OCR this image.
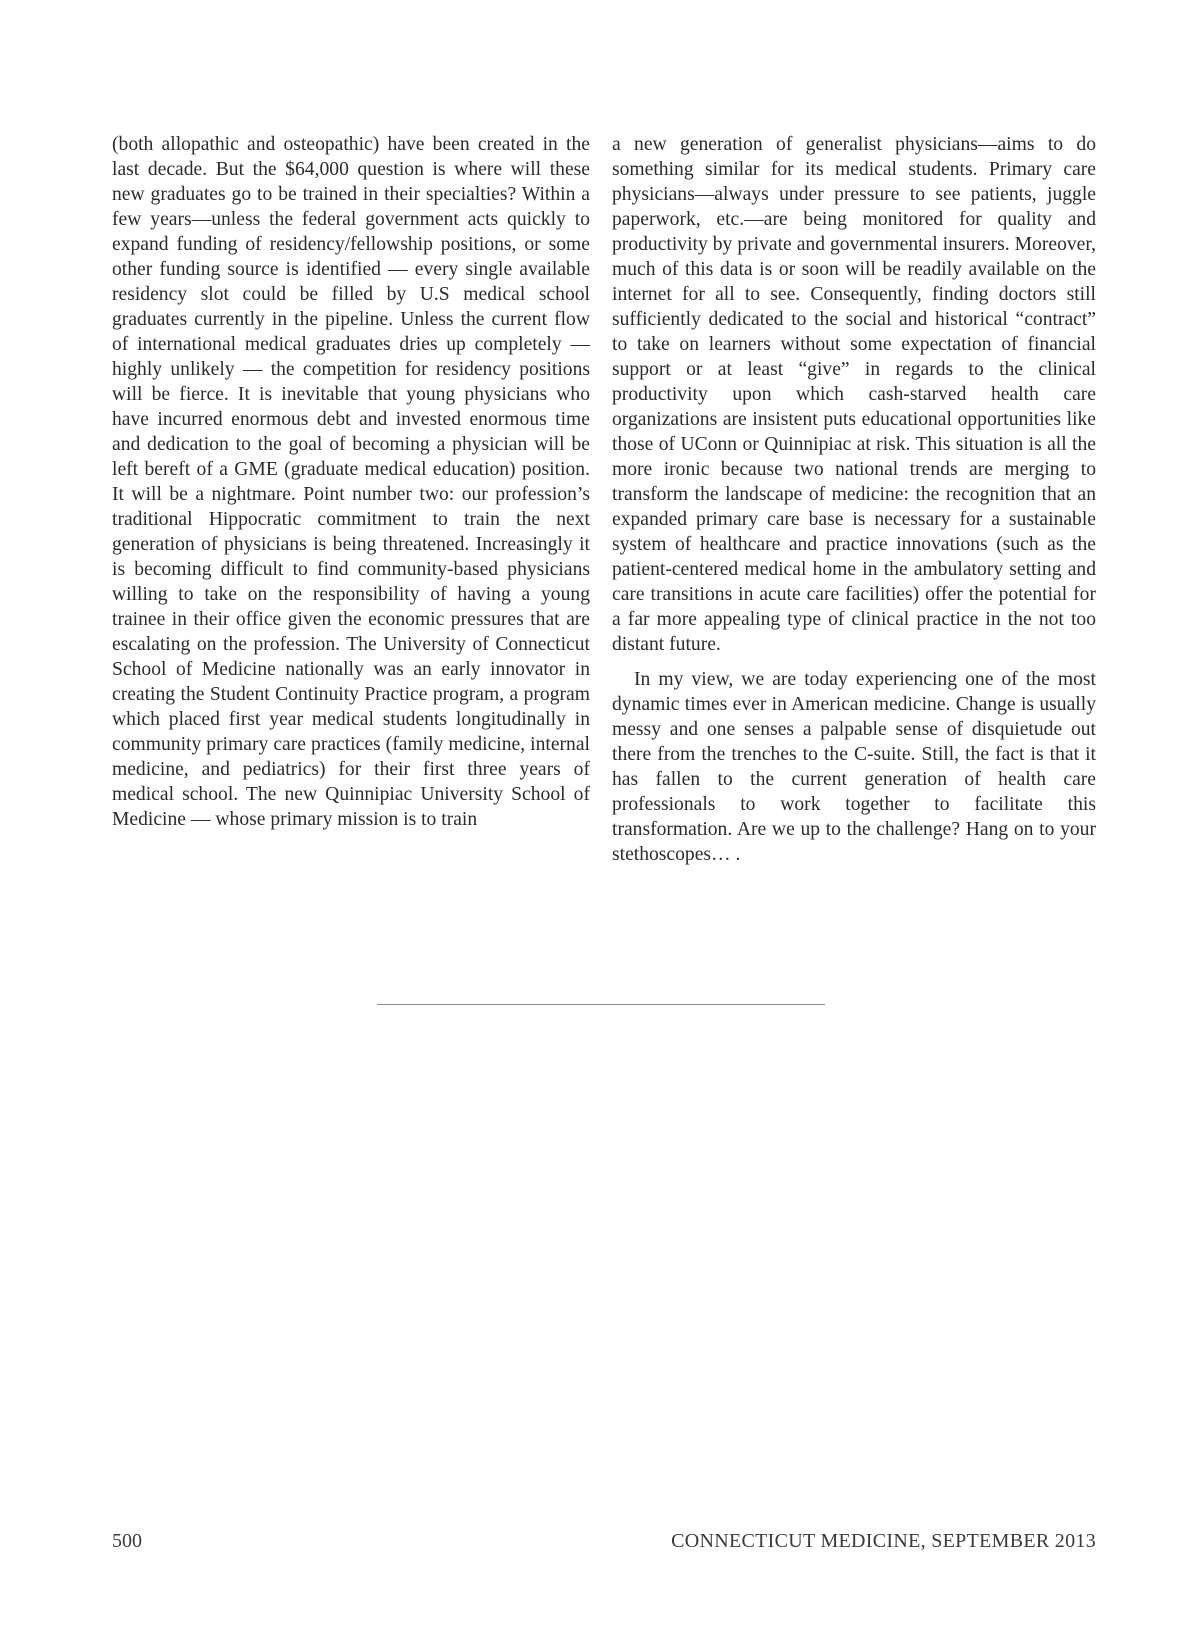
(both allopathic and osteopathic) have been created in the last decade. But the $64,000 question is where will these new graduates go to be trained in their specialties? Within a few years—unless the federal government acts quickly to expand funding of residency/fellowship positions, or some other funding source is identified — every single available residency slot could be filled by U.S medical school graduates currently in the pipeline. Unless the current flow of international medical graduates dries up completely — highly unlikely — the competition for residency positions will be fierce. It is inevitable that young physicians who have incurred enormous debt and invested enormous time and dedication to the goal of becoming a physician will be left bereft of a GME (graduate medical education) position. It will be a nightmare. Point number two: our profession’s traditional Hippocratic commitment to train the next generation of physicians is being threatened. Increasingly it is becoming difficult to find community-based physicians willing to take on the responsibility of having a young trainee in their office given the economic pressures that are escalating on the profession. The University of Connecticut School of Medicine nationally was an early innovator in creating the Student Continuity Practice program, a program which placed first year medical students longitudinally in community primary care practices (family medicine, internal medicine, and pediatrics) for their first three years of medical school. The new Quinnipiac University School of Medicine — whose primary mission is to train

a new generation of generalist physicians—aims to do something similar for its medical students. Primary care physicians—always under pressure to see patients, juggle paperwork, etc.—are being monitored for quality and productivity by private and governmental insurers. Moreover, much of this data is or soon will be readily available on the internet for all to see. Consequently, finding doctors still sufficiently dedicated to the social and historical “contract” to take on learners without some expectation of financial support or at least “give” in regards to the clinical productivity upon which cash-starved health care organizations are insistent puts educational opportunities like those of UConn or Quinnipiac at risk. This situation is all the more ironic because two national trends are merging to transform the landscape of medicine: the recognition that an expanded primary care base is necessary for a sustainable system of healthcare and practice innovations (such as the patient-centered medical home in the ambulatory setting and care transitions in acute care facilities) offer the potential for a far more appealing type of clinical practice in the not too distant future.

In my view, we are today experiencing one of the most dynamic times ever in American medicine. Change is usually messy and one senses a palpable sense of disquietude out there from the trenches to the C-suite. Still, the fact is that it has fallen to the current generation of health care professionals to work together to facilitate this transformation. Are we up to the challenge? Hang on to your stethoscopes… .

500	CONNECTICUT MEDICINE, SEPTEMBER 2013
